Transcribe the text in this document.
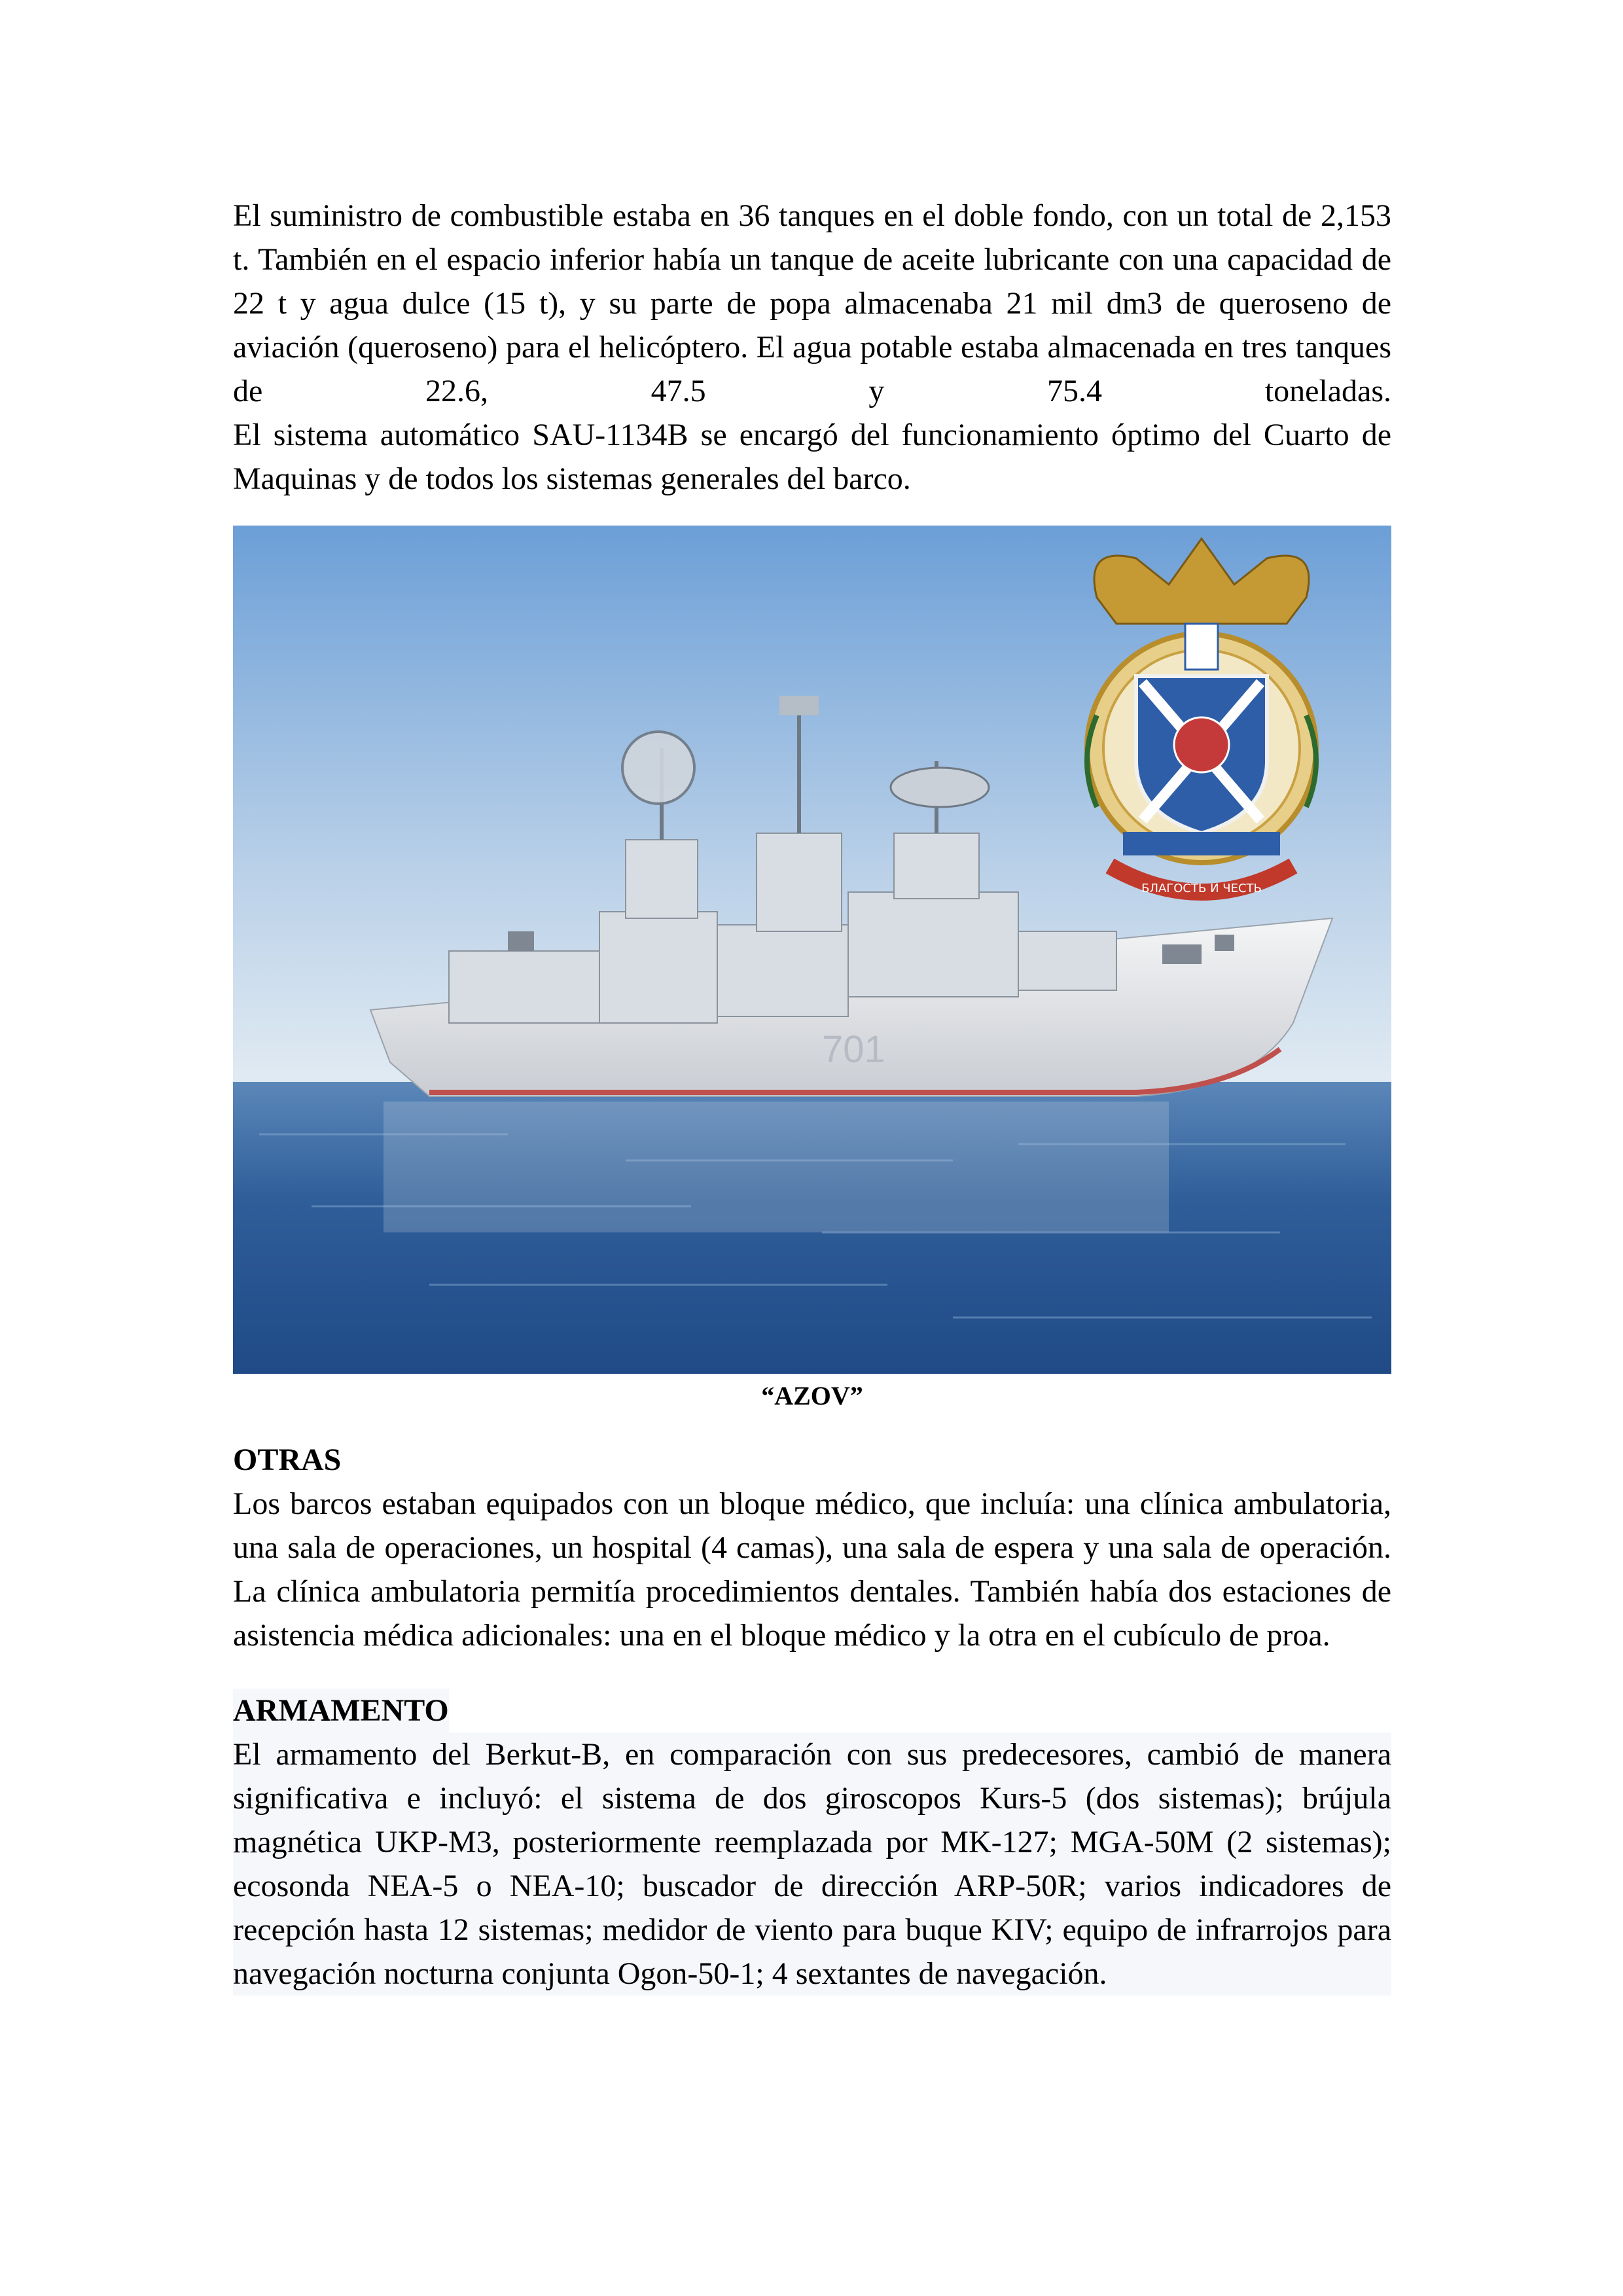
El suministro de combustible estaba en 36 tanques en el doble fondo, con un total de 2,153 t. También en el espacio inferior había un tanque de aceite lubricante con una capacidad de 22 t y agua dulce (15 t), y su parte de popa almacenaba 21 mil dm3 de queroseno de aviación (queroseno) para el helicóptero. El agua potable estaba almacenada en tres tanques de 22.6, 47.5 y 75.4 toneladas.

El sistema automático SAU-1134B se encargó del funcionamiento óptimo del Cuarto de Maquinas y de todos los sistemas generales del barco.

701
БЛАГОСТЬ И ЧЕСТЬ
“AZOV”

OTRAS

Los barcos estaban equipados con un bloque médico, que incluía: una clínica ambulatoria, una sala de operaciones, un hospital (4 camas), una sala de espera y una sala de operación. La clínica ambulatoria permitía procedimientos dentales. También había dos estaciones de asistencia médica adicionales: una en el bloque médico y la otra en el cubículo de proa.

ARMAMENTO

El armamento del Berkut-B, en comparación con sus predecesores, cambió de manera significativa e incluyó: el sistema de dos giroscopos Kurs-5 (dos sistemas); brújula magnética UKP-M3, posteriormente reemplazada por MK-127; MGA-50M (2 sistemas); ecosonda NEA-5 o NEA-10; buscador de dirección ARP-50R; varios indicadores de recepción hasta 12 sistemas; medidor de viento para buque KIV; equipo de infrarrojos para navegación nocturna conjunta Ogon-50-1; 4 sextantes de navegación.
